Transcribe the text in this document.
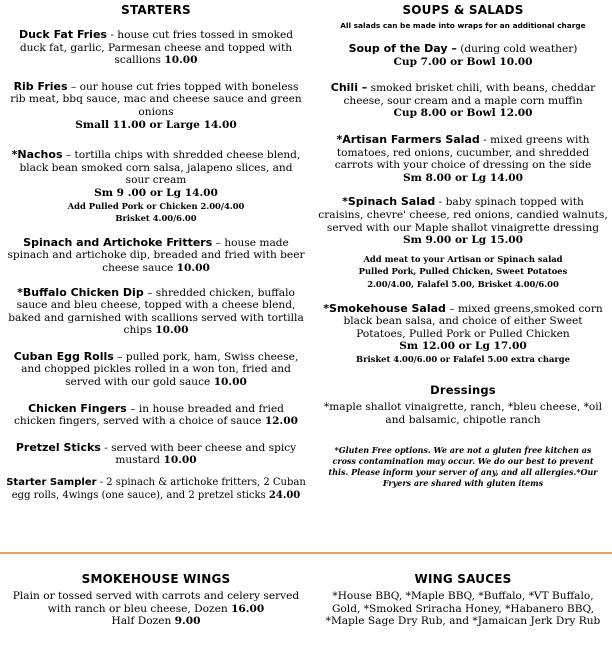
STARTERS

Duck Fat Fries - house cut fries tossed in smoked duck fat, garlic, Parmesan cheese and topped with scallions 10.00

Rib Fries – our house cut fries topped with boneless rib meat, bbq sauce, mac and cheese sauce and green onions
Small 11.00 or Large 14.00

*Nachos – tortilla chips with shredded cheese blend, black bean smoked corn salsa, jalapeno slices, and sour cream
Sm 9 .00 or Lg 14.00
Add Pulled Pork or Chicken 2.00/4.00
Brisket 4.00/6.00

Spinach and Artichoke Fritters – house made spinach and artichoke dip, breaded and fried with beer cheese sauce 10.00

*Buffalo Chicken Dip – shredded chicken, buffalo sauce and bleu cheese, topped with a cheese blend, baked and garnished with scallions served with tortilla chips 10.00

Cuban Egg Rolls – pulled pork, ham, Swiss cheese, and chopped pickles rolled in a won ton, fried and served with our gold sauce 10.00

Chicken Fingers – in house breaded and fried chicken fingers, served with a choice of sauce 12.00

Pretzel Sticks - served with beer cheese and spicy mustard 10.00

Starter Sampler - 2 spinach & artichoke fritters, 2 Cuban egg rolls, 4wings (one sauce), and 2 pretzel sticks 24.00

SOUPS & SALADS

All salads can be made into wraps for an additional charge

Soup of the Day – (during cold weather)
Cup 7.00 or Bowl 10.00

Chili – smoked brisket chili, with beans, cheddar cheese, sour cream and a maple corn muffin
Cup 8.00 or Bowl 12.00

*Artisan Farmers Salad - mixed greens with tomatoes, red onions, cucumber, and shredded carrots with your choice of dressing on the side
Sm 8.00 or Lg 14.00

*Spinach Salad - baby spinach topped with craisins, chevre' cheese, red onions, candied walnuts, served with our Maple shallot vinaigrette dressing
Sm 9.00 or Lg 15.00

Add meat to your Artisan or Spinach salad
Pulled Pork, Pulled Chicken, Sweet Potatoes
2.00/4.00, Falafel 5.00, Brisket 4.00/6.00

*Smokehouse Salad – mixed greens,smoked corn black bean salsa, and choice of either Sweet Potatoes, Pulled Pork or Pulled Chicken
Sm 12.00 or Lg 17.00
Brisket 4.00/6.00 or Falafel 5.00 extra charge

Dressings

*maple shallot vinaigrette, ranch, *bleu cheese, *oil and balsamic, chipotle ranch

*Gluten Free options. We are not a gluten free kitchen as cross contamination may occur. We do our best to prevent this. Please inform your server of any, and all allergies.*Our Fryers are shared with gluten items

SMOKEHOUSE WINGS

Plain or tossed served with carrots and celery served with ranch or bleu cheese, Dozen 16.00
Half Dozen 9.00

WING SAUCES

*House BBQ, *Maple BBQ, *Buffalo, *VT Buffalo, Gold, *Smoked Sriracha Honey, *Habanero BBQ, *Maple Sage Dry Rub, and *Jamaican Jerk Dry Rub
